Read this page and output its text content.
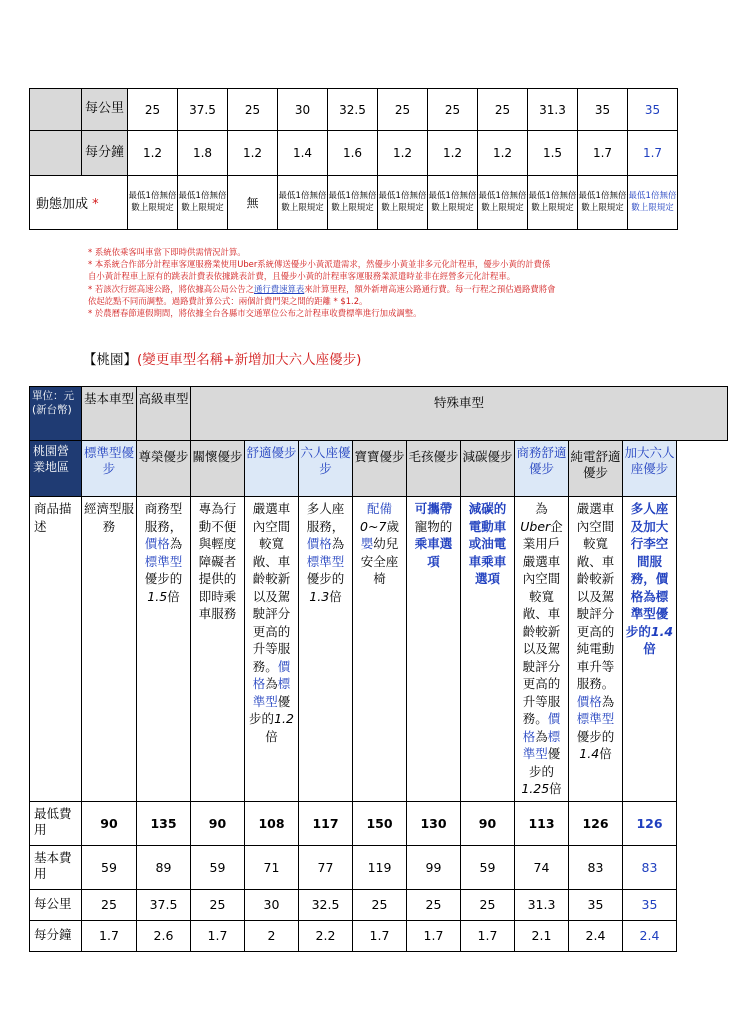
	每公里	25	37.5	25	30	32.5	25	25	25	31.3	35	35
	每分鐘	1.2	1.8	1.2	1.4	1.6	1.2	1.2	1.2	1.5	1.7	1.7
動態加成 *		最低1倍無倍數上限規定	最低1倍無倍數上限規定	無	最低1倍無倍數上限規定	最低1倍無倍數上限規定	最低1倍無倍數上限規定	最低1倍無倍數上限規定	最低1倍無倍數上限規定	最低1倍無倍數上限規定	最低1倍無倍數上限規定	最低1倍無倍數上限規定

* 系統依乘客叫車當下即時供需情況計算。

* 本系統合作部分計程車客運服務業使用Uber系統傳送優步小黃派遣需求，然優步小黃並非多元化計程車，優步小黃的計費係

自小黃計程車上原有的跳表計費表依據跳表計費，且優步小黃的計程車客運服務業派遣時並非在經營多元化計程車。

* 若該次行經高速公路，將依據高公局公告之通行費速算表來計算里程，額外新增高速公路通行費。每一行程之預估過路費將會

依起訖點不同而調整。過路費計算公式：兩個計費門架之間的距離 * $1.2。

* 於農曆春節連假期間，將依據全台各縣市交通單位公布之計程車收費標準進行加成調整。

【桃園】(變更車型名稱+新增加大六人座優步)
單位：元(新台幣)	基本車型	高級車型	特殊車型								
桃園營業地區	標準型優步	尊榮優步	關懷優步	舒適優步	六人座優步	寶寶優步	毛孩優步	減碳優步	商務舒適優步	純電舒適優步	加大六人座優步
商品描述	經濟型服務	商務型服務，價格為標準型優步的1.5倍	專為行動不便與輕度障礙者提供的即時乘車服務	嚴選車內空間較寬敞、車齡較新以及駕駛評分更高的升等服務。價格為標準型優步的1.2倍	多人座服務，價格為標準型優步的1.3倍	配備
0~7歲
嬰幼兒安全座椅	可攜帶寵物的乘車選項	減碳的電動車或油電車乘車選項	為
Uber企業用戶嚴選車內空間較寬敞、車齡較新以及駕駛評分更高的升等服務。價格為標準型優步的1.25倍	嚴選車內空間較寬敞、車齡較新以及駕駛評分更高的純電動車升等服務。價格為標準型優步的1.4倍	多人座及加大行李空間服務，價格為標準型優步的1.4倍
最低費用	90	135	90	108	117	150	130	90	113	126	126
基本費用	59	89	59	71	77	119	99	59	74	83	83
每公里	25	37.5	25	30	32.5	25	25	25	31.3	35	35
每分鐘	1.7	2.6	1.7	2	2.2	1.7	1.7	1.7	2.1	2.4	2.4
